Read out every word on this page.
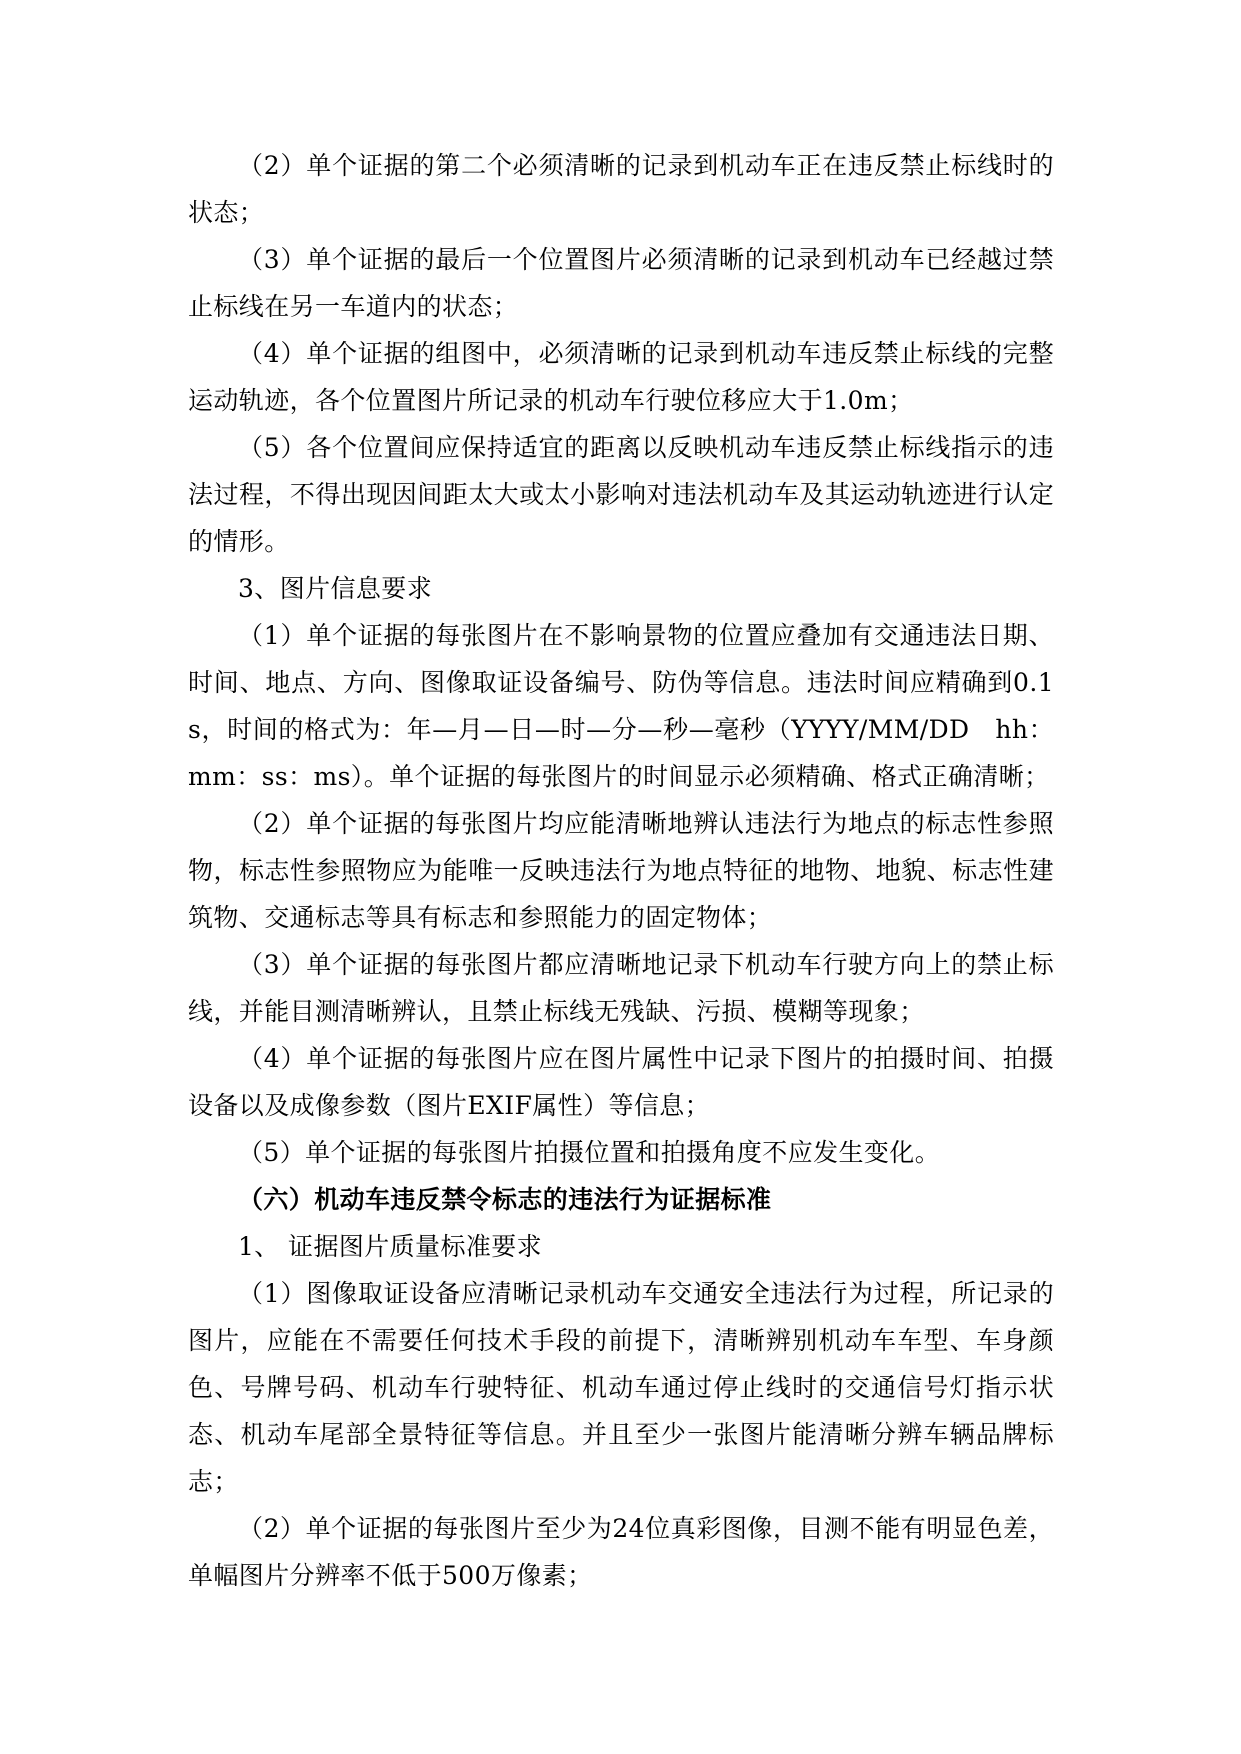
（2）单个证据的第二个必须清晰的记录到机动车正在违反禁止标线时的状态；

（3）单个证据的最后一个位置图片必须清晰的记录到机动车已经越过禁止标线在另一车道内的状态；

（4）单个证据的组图中，必须清晰的记录到机动车违反禁止标线的完整运动轨迹，各个位置图片所记录的机动车行驶位移应大于1.0m；

（5）各个位置间应保持适宜的距离以反映机动车违反禁止标线指示的违法过程，不得出现因间距太大或太小影响对违法机动车及其运动轨迹进行认定的情形。

3、图片信息要求

（1）单个证据的每张图片在不影响景物的位置应叠加有交通违法日期、时间、地点、方向、图像取证设备编号、防伪等信息。违法时间应精确到0.1s，时间的格式为：年—月—日—时—分—秒—毫秒（YYYY/MM/DD　hh：mm：ss：ms）。单个证据的每张图片的时间显示必须精确、格式正确清晰；

（2）单个证据的每张图片均应能清晰地辨认违法行为地点的标志性参照物，标志性参照物应为能唯一反映违法行为地点特征的地物、地貌、标志性建筑物、交通标志等具有标志和参照能力的固定物体；

（3）单个证据的每张图片都应清晰地记录下机动车行驶方向上的禁止标线，并能目测清晰辨认，且禁止标线无残缺、污损、模糊等现象；

（4）单个证据的每张图片应在图片属性中记录下图片的拍摄时间、拍摄设备以及成像参数（图片EXIF属性）等信息；

（5）单个证据的每张图片拍摄位置和拍摄角度不应发生变化。

（六）机动车违反禁令标志的违法行为证据标准

1、 证据图片质量标准要求

（1）图像取证设备应清晰记录机动车交通安全违法行为过程，所记录的图片，应能在不需要任何技术手段的前提下，清晰辨别机动车车型、车身颜色、号牌号码、机动车行驶特征、机动车通过停止线时的交通信号灯指示状态、机动车尾部全景特征等信息。并且至少一张图片能清晰分辨车辆品牌标志；

（2）单个证据的每张图片至少为24位真彩图像，目测不能有明显色差，单幅图片分辨率不低于500万像素；
